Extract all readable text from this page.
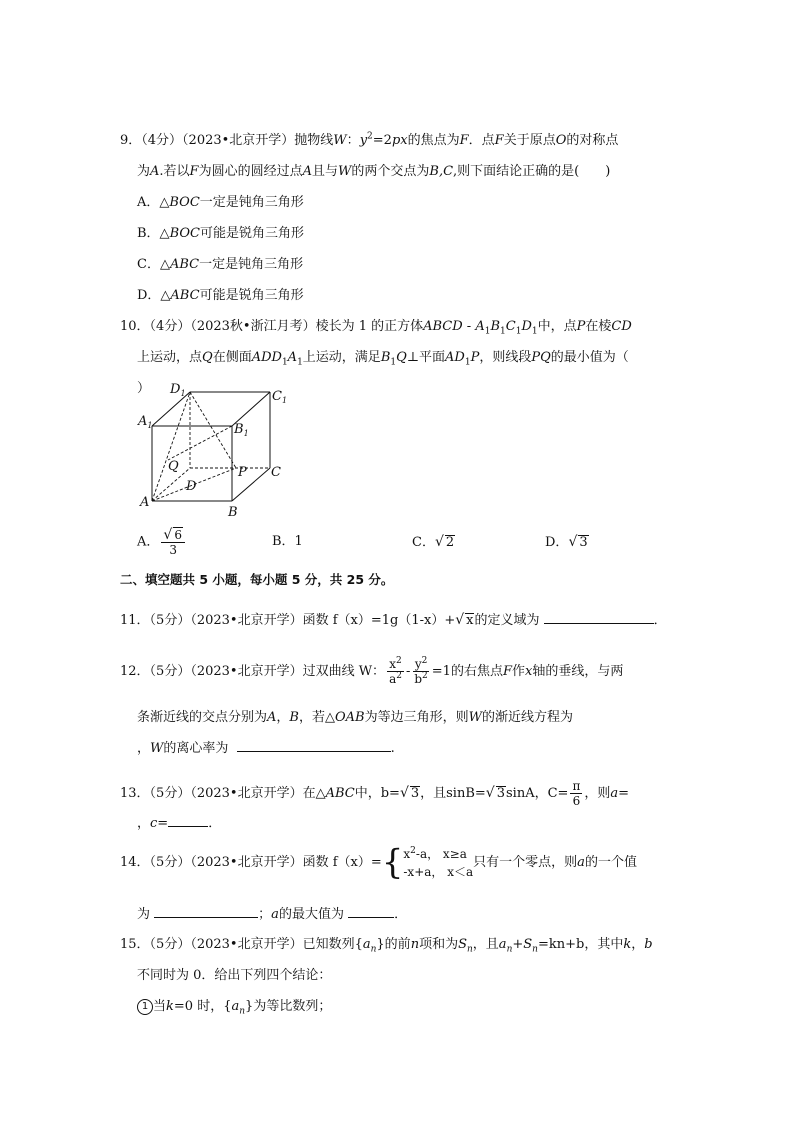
9．（4分）（2023•北京开学）抛物线W：$y^2=2px$的焦点为F．点F关于原点O的对称点
为A.若以F为圆心的圆经过点A且与W的两个交点为B,C,则下面结论正确的是(　　)
A．△BOC一定是钝角三角形
B．△BOC可能是锐角三角形
C．△ABC一定是钝角三角形
D．△ABC可能是锐角三角形
10．（4分）（2023秋•浙江月考）棱长为 1 的正方体ABCD - $A_1B_1C_1D_1$中，点P在棱CD
上运动，点Q在侧面$ADD_1A_1$上运动，满足$B_1Q\perp$平面$AD_1P$，则线段PQ的最小值为（
） $D_1$	$C_1$
$A_1$	$B_1$
Q	P C
D
A
B
A． $\frac{√ 6}{3}$	B．1	C．√ 2	D．√ 3
二、填空题共 5 小题，每小题 5 分，共 25 分。
11．（5分）（2023•北京开学）函数 f（x）=1g（1-x）+√ x的定义域为	．
12．（5分）（2023•北京开学）过双曲线 W： $\frac{x^2}{a^2} - \frac{y^2}{b^2} =1$的右焦点F作x轴的垂线，与两
条渐近线的交点分别为A，B，若△OAB为等边三角形，则W的渐近线方程为
，W的离心率为	.
13．（5分）（2023•北京开学）在△ABC中，b=√ 3，且sinB=√ 3sinA，$C= \frac{\pi}{6}$ ，则a=
，c=	．
14．（5分）（2023•北京开学）函数 f（x）={ $x^2-a$， x≥a
-x+a， x＜a
只有一个零点，则a的一个值
为	；a的最大值为	．
15．（5分）（2023•北京开学）已知数列$\{a_n\}$的前n项和为$S_n$，且$a_n+S_n=kn+b$，其中k，b
不同时为 0．给出下列四个结论：
1 当k=0 时，$\{a_n\}$为等比数列；
